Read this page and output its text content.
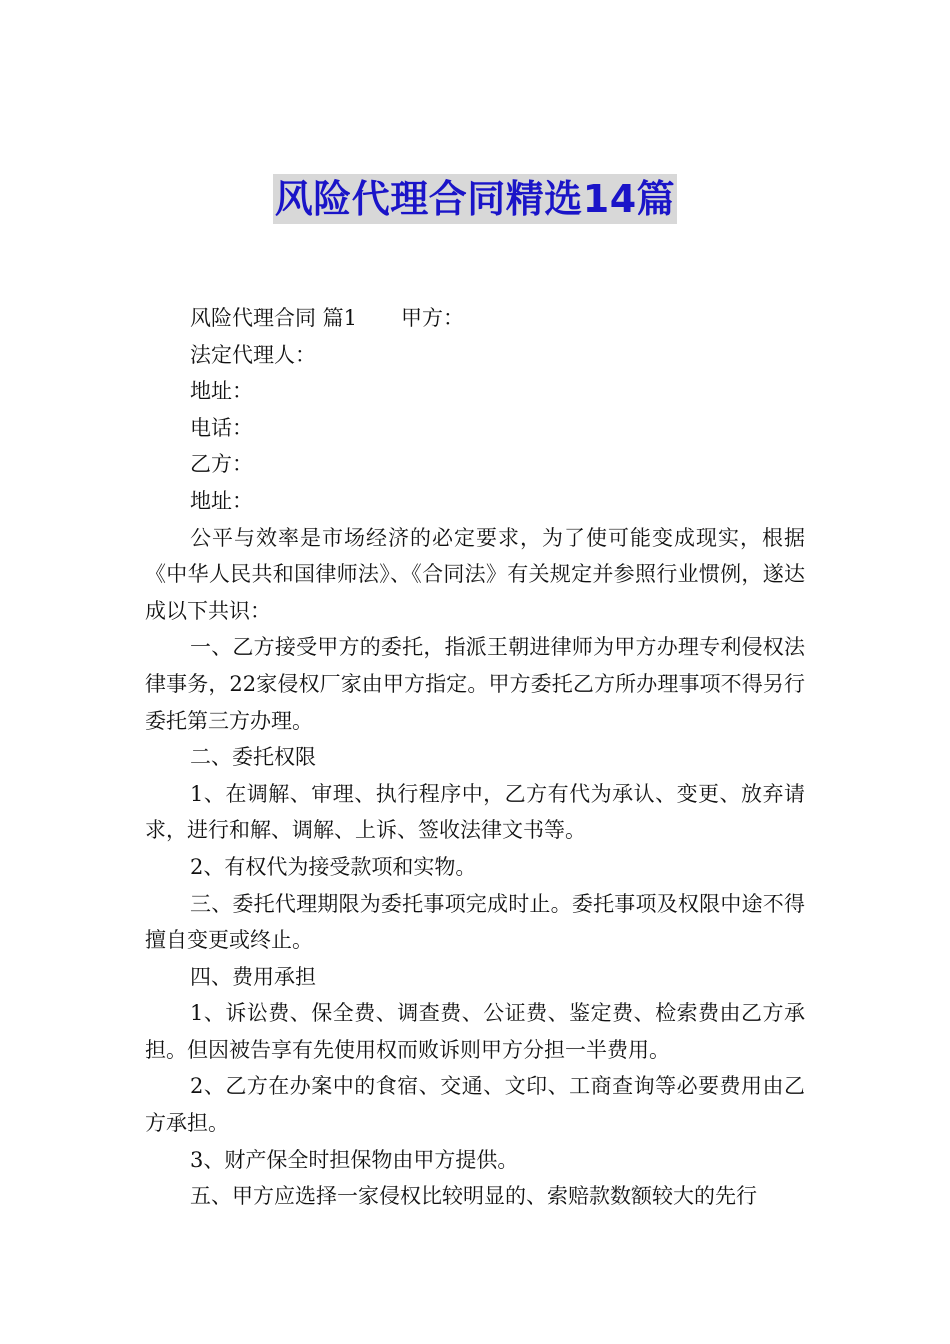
风险代理合同精选14篇

风险代理合同 篇1 甲方：

法定代理人：

地址：

电话：

乙方：

地址：

公平与效率是市场经济的必定要求，为了使可能变成现实，根据《中华人民共和国律师法》、《合同法》有关规定并参照行业惯例，遂达成以下共识：

一、乙方接受甲方的委托，指派王朝进律师为甲方办理专利侵权法律事务，22家侵权厂家由甲方指定。甲方委托乙方所办理事项不得另行委托第三方办理。

二、委托权限

1、在调解、审理、执行程序中，乙方有代为承认、变更、放弃请求，进行和解、调解、上诉、签收法律文书等。

2、有权代为接受款项和实物。

三、委托代理期限为委托事项完成时止。委托事项及权限中途不得擅自变更或终止。

四、费用承担

1、诉讼费、保全费、调查费、公证费、鉴定费、检索费由乙方承担。但因被告享有先使用权而败诉则甲方分担一半费用。

2、乙方在办案中的食宿、交通、文印、工商查询等必要费用由乙方承担。

3、财产保全时担保物由甲方提供。

五、甲方应选择一家侵权比较明显的、索赔款数额较大的先行
